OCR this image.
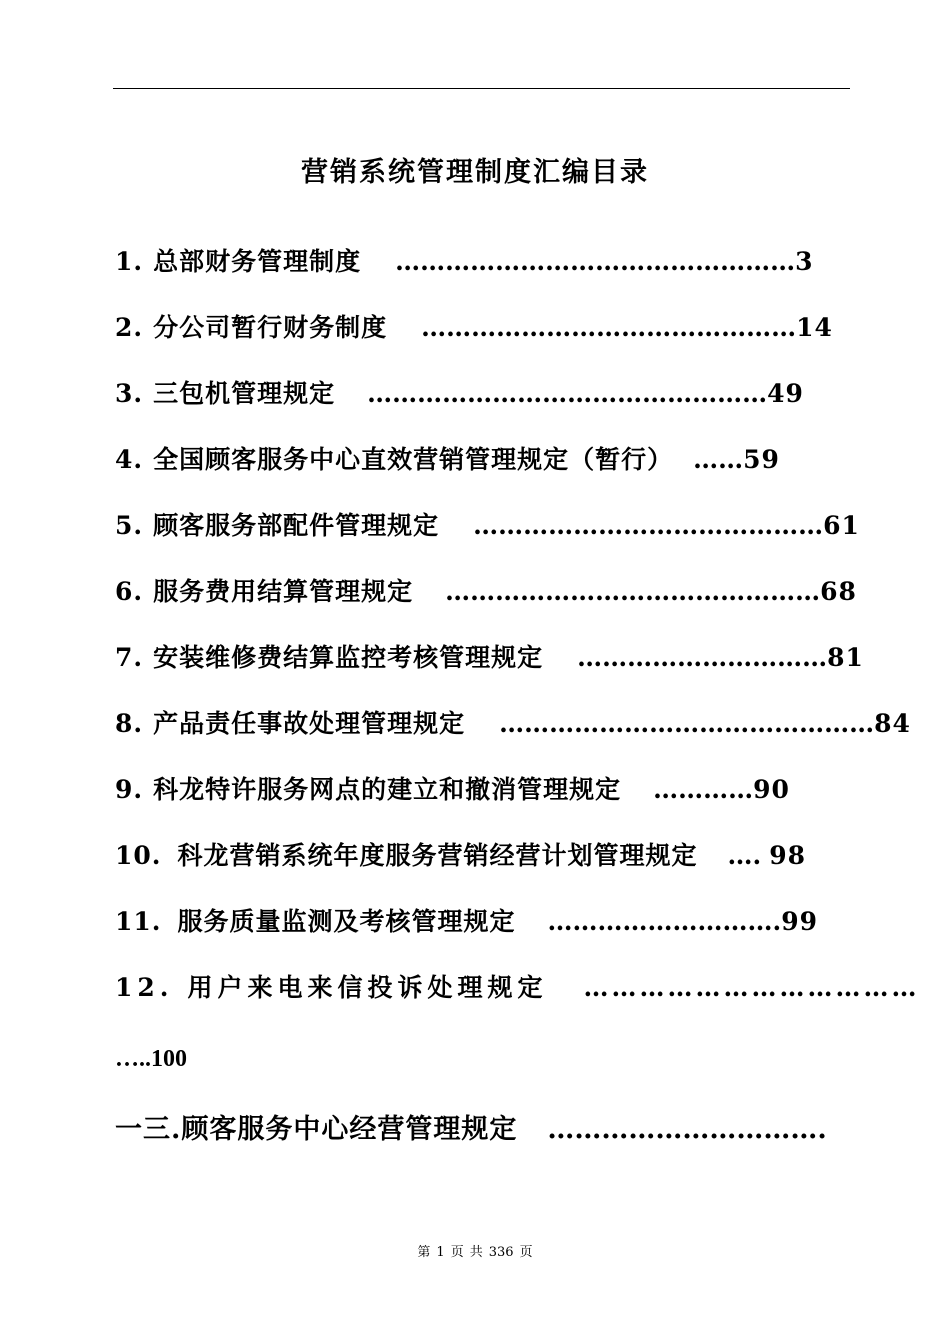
营销系统管理制度汇编目录
1. 总部财务管理制度 …………………………………………3
2. 分公司暂行财务制度 ………………………………………14
3. 三包机管理规定 …………………………………………49
4. 全国顾客服务中心直效营销管理规定（暂行） ……59
5. 顾客服务部配件管理规定 ……………………………………61
6. 服务费用结算管理规定 ………………………………………68
7. 安装维修费结算监控考核管理规定 …………………………81
8. 产品责任事故处理管理规定 ………………………………………84
9. 科龙特许服务网点的建立和撤消管理规定 …………90
10. 科龙营销系统年度服务营销经营计划管理规定 …. 98
11. 服务质量监测及考核管理规定 ……………………….99
12. 用户来电来信投诉处理规定 ………………………………
一三.顾客服务中心经营管理规定 ………………………….
…..100
第 1 页 共 336 页
